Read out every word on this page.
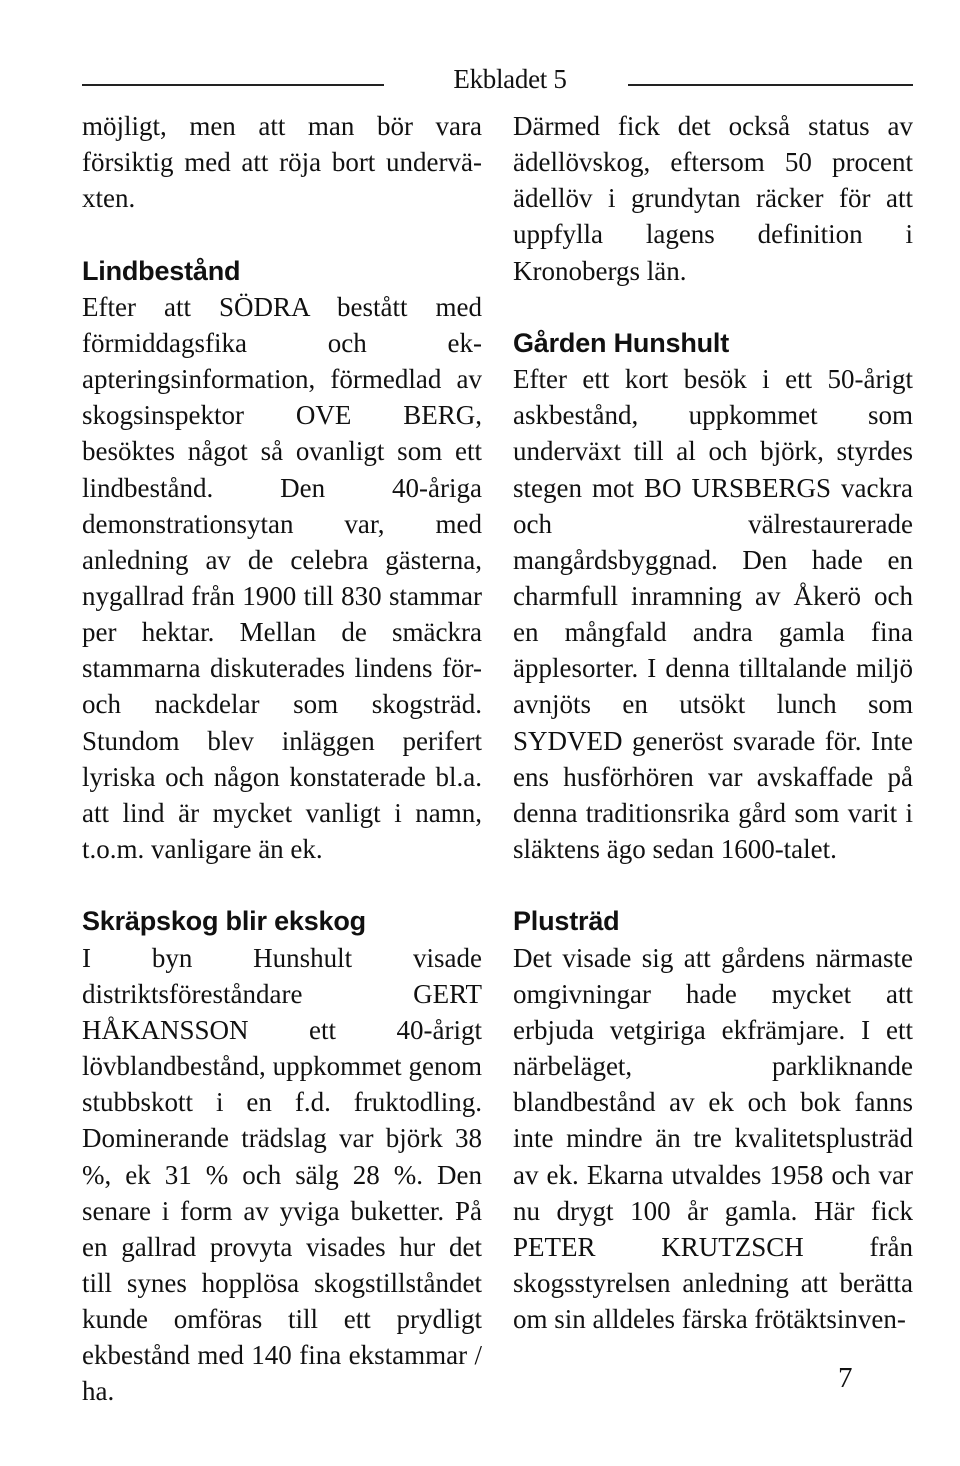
Ekbladet 5

möjligt, men att man bör vara försiktig med att röja bort underväxten.

Lindbestånd

Efter att SÖDRA bestått med förmiddagsfika och ek-apteringsinformation, förmedlad av skogsinspektor OVE BERG, besöktes något så ovanligt som ett lindbestånd. Den 40-åriga demonstrationsytan var, med anledning av de celebra gästerna, nygallrad från 1900 till 830 stammar per hektar. Mellan de smäckra stammarna diskuterades lindens för- och nackdelar som skogsträd. Stundom blev inläggen perifert lyriska och någon konstaterade bl.a. att lind är mycket vanligt i namn, t.o.m. vanligare än ek.

Skräpskog blir ekskog

I byn Hunshult visade distriktsföreståndare GERT HÅKANSSON ett 40-årigt lövblandbestånd, uppkommet genom stubbskott i en f.d. fruktodling. Dominerande trädslag var björk 38 %, ek 31 % och sälg 28 %. Den senare i form av yviga buketter. På en gallrad provyta visades hur det till synes hopplösa skogstillståndet kunde omföras till ett prydligt ekbestånd med 140 fina ekstammar / ha.

Därmed fick det också status av ädellövskog, eftersom 50 procent ädellöv i grundytan räcker för att uppfylla lagens definition i Kronobergs län.

Gården Hunshult

Efter ett kort besök i ett 50-årigt askbestånd, uppkommet som underväxt till al och björk, styrdes stegen mot BO URSBERGS vackra och välrestaurerade mangårdsbyggnad. Den hade en charmfull inramning av Åkerö och en mångfald andra gamla fina äpplesorter. I denna tilltalande miljö avnjöts en utsökt lunch som SYDVED generöst svarade för. Inte ens husförhören var avskaffade på denna traditionsrika gård som varit i släktens ägo sedan 1600-talet.

Plusträd

Det visade sig att gårdens närmaste omgivningar hade mycket att erbjuda vetgiriga ekfrämjare. I ett närbeläget, parkliknande blandbestånd av ek och bok fanns inte mindre än tre kvalitetsplusträd av ek. Ekarna utvaldes 1958 och var nu drygt 100 år gamla. Här fick PETER KRUTZSCH från skogsstyrelsen anledning att berätta om sin alldeles färska frötäktsinven-

7
